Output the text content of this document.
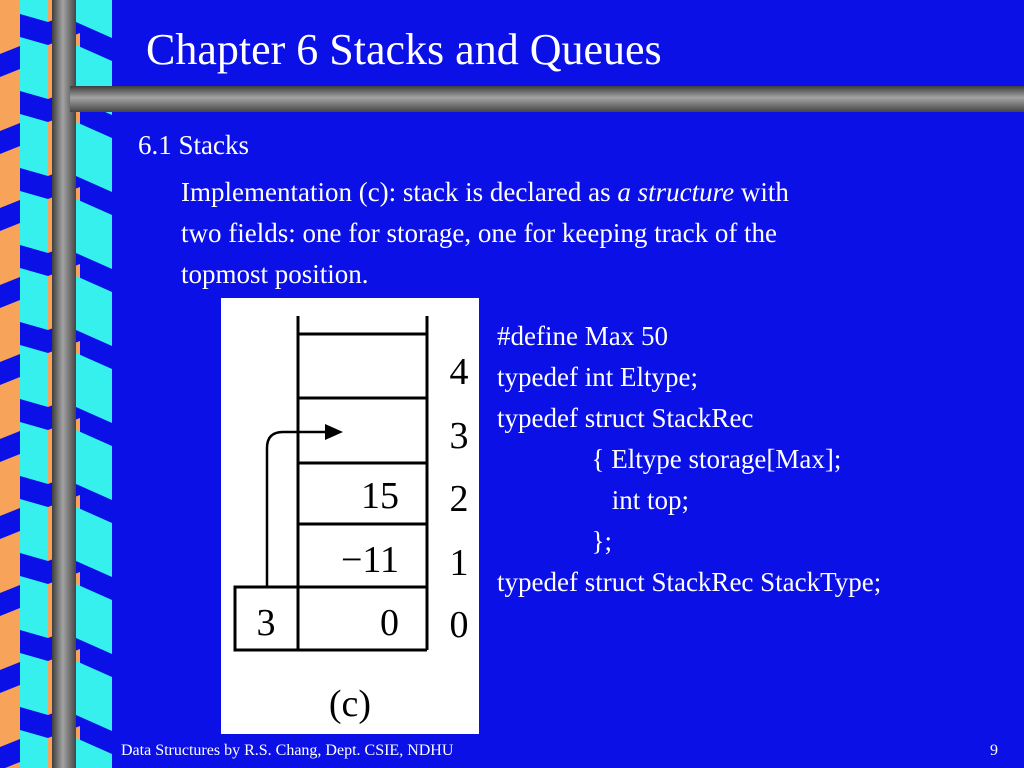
Chapter 6 Stacks and Queues
6.1 Stacks
Implementation (c): stack is declared as a structure with
two fields: one for storage, one for keeping track of the
topmost position.
4
3
2
1
0
15
−11
0
3
(c)
#define Max 50
typedef int Eltype;
typedef struct StackRec
{ Eltype storage[Max];
int top;
};
typedef struct StackRec StackType;
Data Structures by R.S. Chang, Dept. CSIE, NDHU	9
